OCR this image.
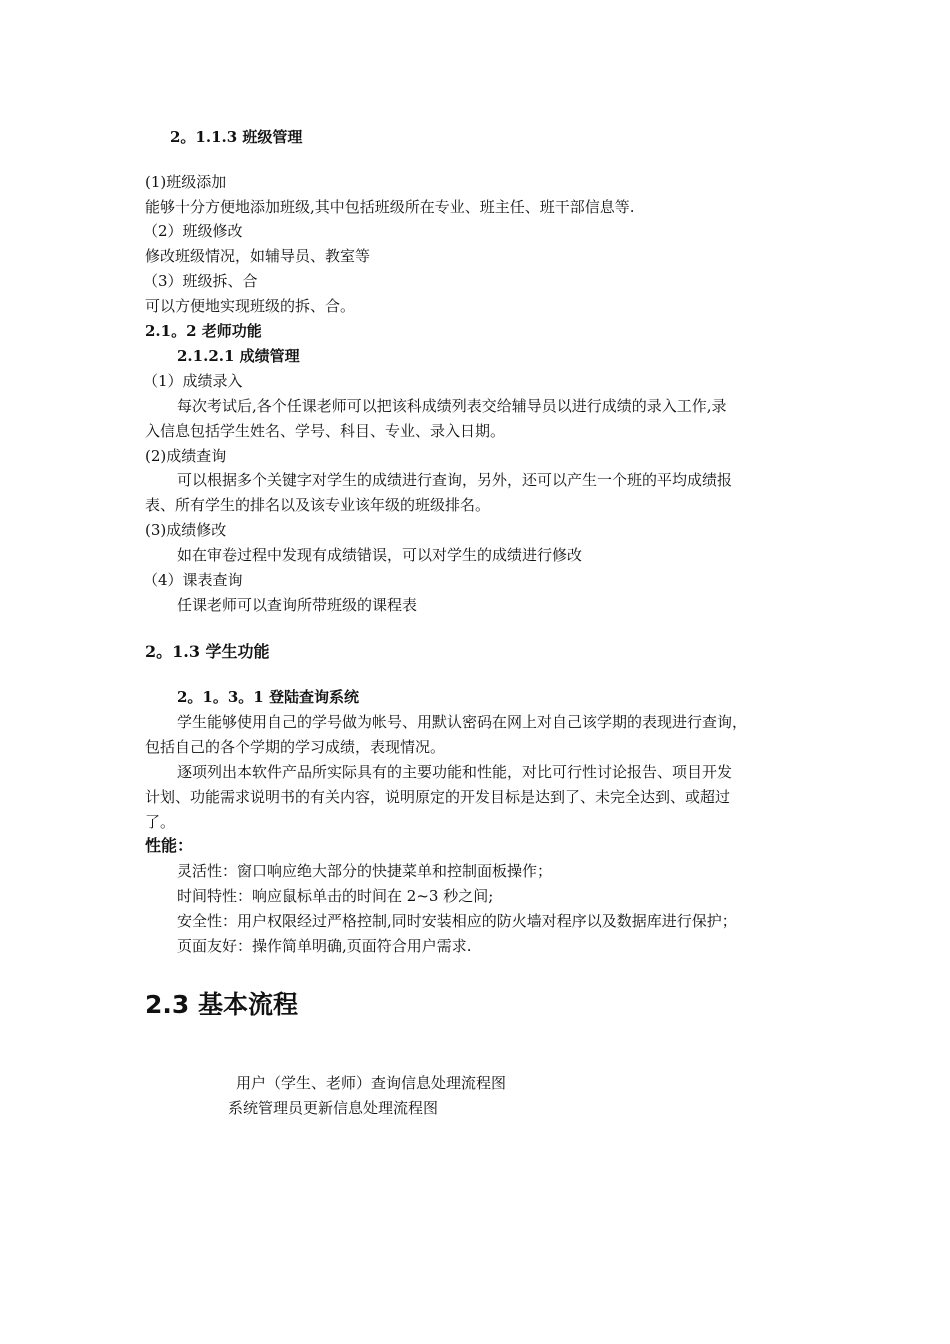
2。1.1.3 班级管理
(1)班级添加
能够十分方便地添加班级,其中包括班级所在专业、班主任、班干部信息等.
（2）班级修改
修改班级情况，如辅导员、教室等
（3）班级拆、合
可以方便地实现班级的拆、合。
2.1。2 老师功能
2.1.2.1 成绩管理
（1）成绩录入
每次考试后,各个任课老师可以把该科成绩列表交给辅导员以进行成绩的录入工作,录
入信息包括学生姓名、学号、科目、专业、录入日期。
(2)成绩查询
可以根据多个关键字对学生的成绩进行查询，另外，还可以产生一个班的平均成绩报
表、所有学生的排名以及该专业该年级的班级排名。
(3)成绩修改
如在审卷过程中发现有成绩错误，可以对学生的成绩进行修改
（4）课表查询
任课老师可以查询所带班级的课程表
2。1.3 学生功能
2。1。3。1 登陆查询系统
学生能够使用自己的学号做为帐号、用默认密码在网上对自己该学期的表现进行查询，
包括自己的各个学期的学习成绩，表现情况。
逐项列出本软件产品所实际具有的主要功能和性能，对比可行性讨论报告、项目开发
计划、功能需求说明书的有关内容，说明原定的开发目标是达到了、未完全达到、或超过
了。
性能：
灵活性：窗口响应绝大部分的快捷菜单和控制面板操作；
时间特性：响应鼠标单击的时间在 2~3 秒之间;
安全性：用户权限经过严格控制,同时安装相应的防火墙对程序以及数据库进行保护；
页面友好：操作简单明确,页面符合用户需求.
2.3 基本流程
用户（学生、老师）查询信息处理流程图
系统管理员更新信息处理流程图
